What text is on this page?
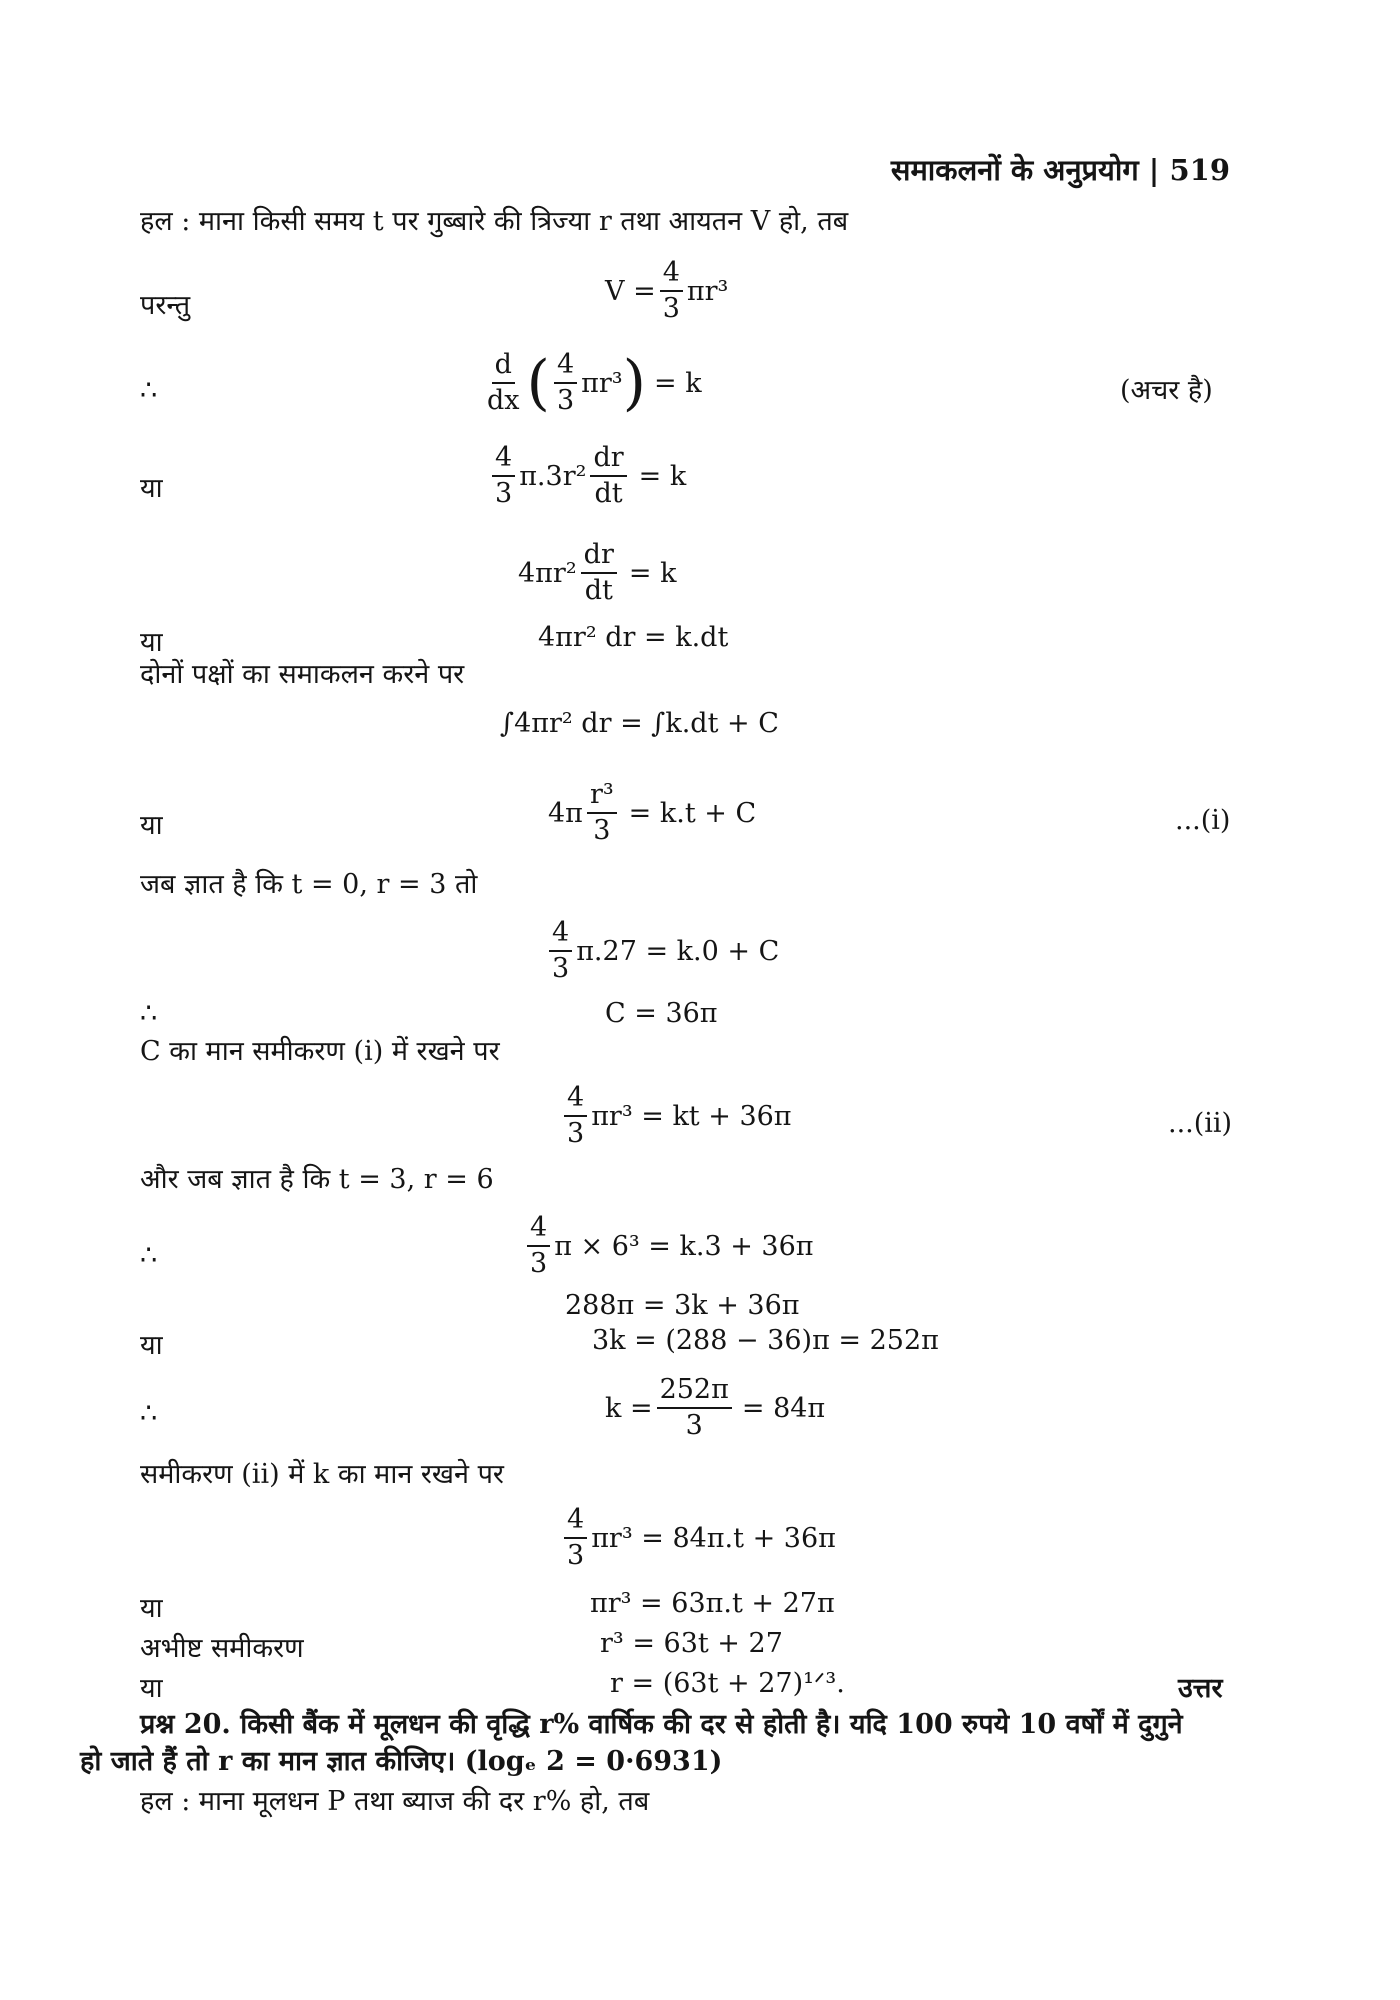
समाकलनों के अनुप्रयोग | 519
हल : माना किसी समय t पर गुब्बारे की त्रिज्या r तथा आयतन V हो, तब
परन्तु	$V = \frac{4}{3} \pi r^3$
∴	$\frac{d}{dx}$ ( $\frac{4}{3} \pi r^3$ ) = k	(अचर है)
या	$\frac{4}{3} \pi.3r^2 \frac{dr}{dt} = k$
$4\pi r^2 \frac{dr}{dt} = k$
या	4πr² dr = k.dt
दोनों पक्षों का समाकलन करने पर
∫4πr² dr = ∫k.dt + C
या	$4\pi \frac{\text{r³}}{3} = k.t + C$	...(i)
जब ज्ञात है कि t = 0, r = 3 तो
$\frac{4}{3} \pi.27 = k.0 + C$
∴	C = 36π
C का मान समीकरण (i) में रखने पर
$\frac{4}{3} \pi r^3$ = kt + 36π	...(ii)
और जब ज्ञात है कि t = 3, r = 6
∴	$\frac{4}{3}$ π × 6³ = k.3 + 36π
288π = 3k + 36π
या	3k = (288 − 36)π = 252π
∴	$k = \frac{252\pi}{3} = 84\pi$
समीकरण (ii) में k का मान रखने पर
$\frac{4}{3} \pi r^3 = 84\pi.t + 36\pi$
या	πr³ = 63π.t + 27π
अभीष्ट समीकरण	r³ = 63t + 27
या	r = (63t + 27)¹ᐟ³.	उत्तर
प्रश्न 20. किसी बैंक में मूलधन की वृद्धि r% वार्षिक की दर से होती है। यदि 100 रुपये 10 वर्षों में दुगुने
हो जाते हैं तो r का मान ज्ञात कीजिए। (logₑ 2 = 0·6931)
हल : माना मूलधन P तथा ब्याज की दर r% हो, तब
